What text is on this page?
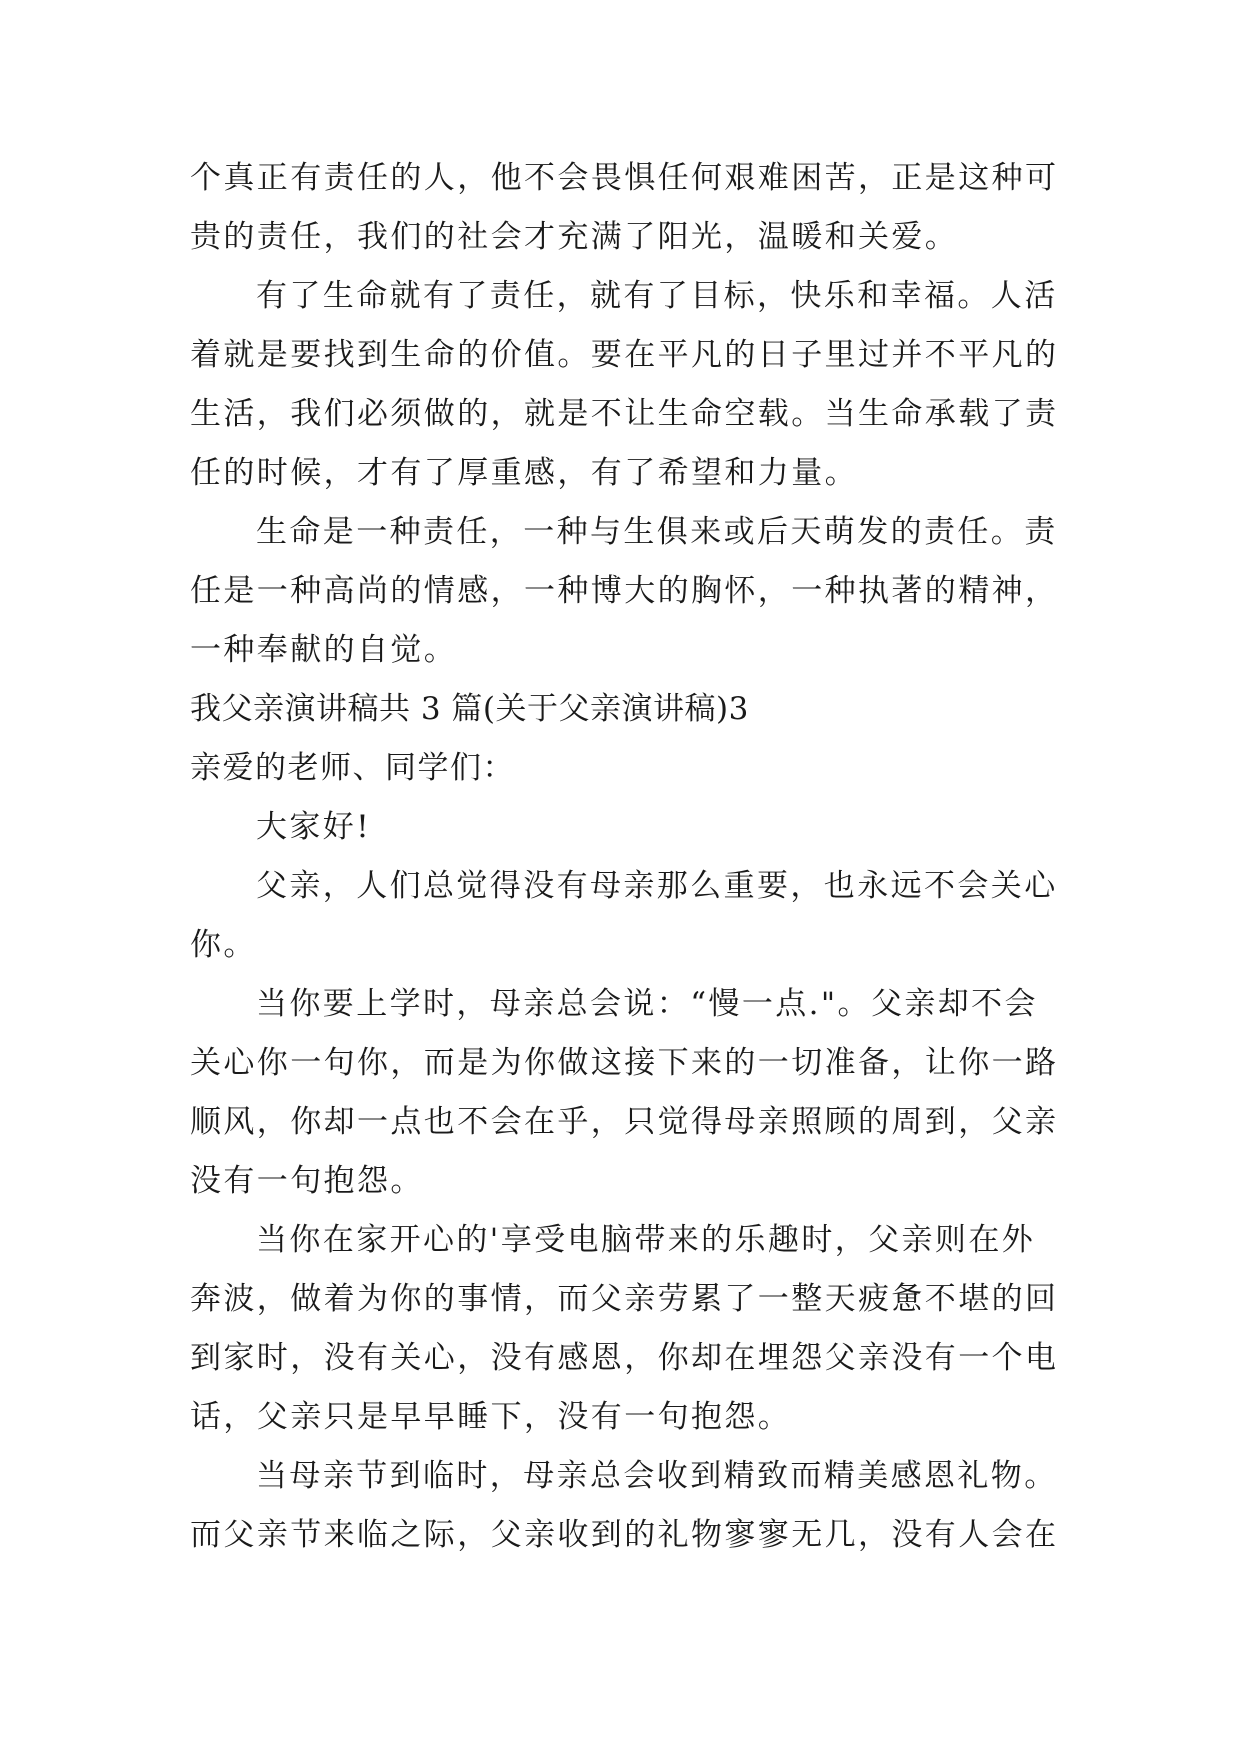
个真正有责任的人，他不会畏惧任何艰难困苦，正是这种可
贵的责任，我们的社会才充满了阳光，温暖和关爱。
有了生命就有了责任，就有了目标，快乐和幸福。人活
着就是要找到生命的价值。要在平凡的日子里过并不平凡的
生活，我们必须做的，就是不让生命空载。当生命承载了责
任的时候，才有了厚重感，有了希望和力量。
生命是一种责任，一种与生俱来或后天萌发的责任。责
任是一种高尚的情感，一种博大的胸怀，一种执著的精神，
一种奉献的自觉。
我父亲演讲稿共 3 篇(关于父亲演讲稿)3
亲爱的老师、同学们：
大家好!
父亲，人们总觉得没有母亲那么重要，也永远不会关心
你。
当你要上学时，母亲总会说：“慢一点."。父亲却不会
关心你一句你，而是为你做这接下来的一切准备，让你一路
顺风，你却一点也不会在乎，只觉得母亲照顾的周到，父亲
没有一句抱怨。
当你在家开心的'享受电脑带来的乐趣时，父亲则在外
奔波，做着为你的事情，而父亲劳累了一整天疲惫不堪的回
到家时，没有关心，没有感恩，你却在埋怨父亲没有一个电
话，父亲只是早早睡下，没有一句抱怨。
当母亲节到临时，母亲总会收到精致而精美感恩礼物。
而父亲节来临之际，父亲收到的礼物寥寥无几，没有人会在
